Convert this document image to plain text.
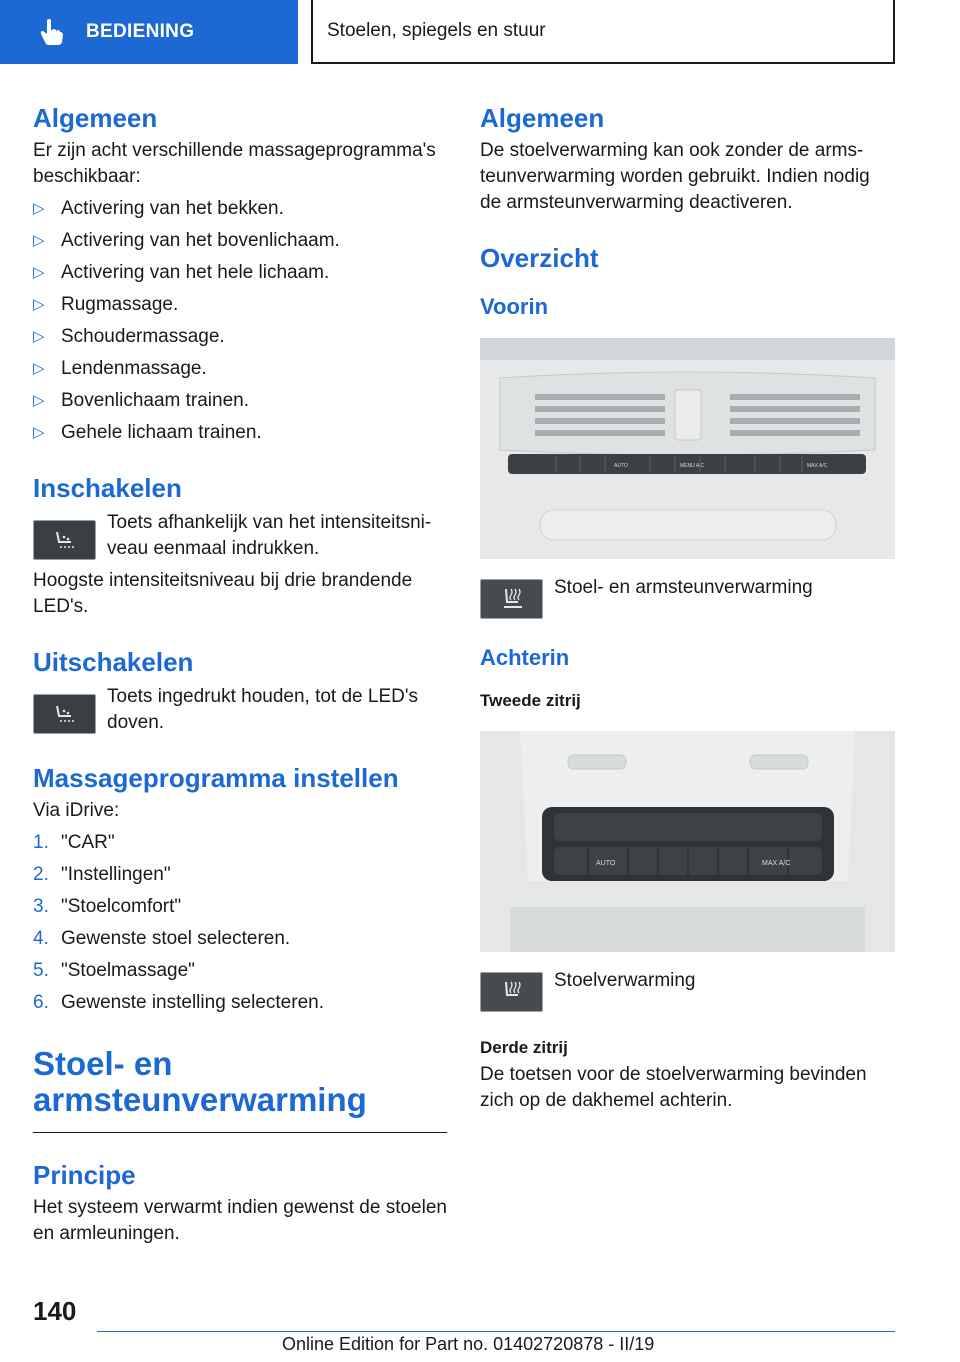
BEDIENING	Stoelen, spiegels en stuur
Algemeen

Er zijn acht verschillende massageprogramma's beschikbaar:

▷ Activering van het bekken.
▷ Activering van het bovenlichaam.
▷ Activering van het hele lichaam.
▷ Rugmassage.
▷ Schoudermassage.
▷ Lendenmassage.
▷ Bovenlichaam trainen.
▷ Gehele lichaam trainen.
Inschakelen
Toets afhankelijk van het intensiteitsniveau eenmaal indrukken.

Hoogste intensiteitsniveau bij drie brandende LED's.

Uitschakelen
Toets ingedrukt houden, tot de LED's doven.
Massageprogramma instellen

Via iDrive:

1. "CAR"
2. "Instellingen"
3. "Stoelcomfort"
4. Gewenste stoel selecteren.
5. "Stoelmassage"
6. Gewenste instelling selecteren.
Stoel- en
armsteunverwarming
Principe

Het systeem verwarmt indien gewenst de stoelen en armleuningen.

Algemeen

De stoelverwarming kan ook zonder de armsteunverwarming worden gebruikt. Indien nodig de armsteunverwarming deactiveren.

Overzicht
Voorin
AUTO	MENU A/C	MAX A/C
Stoel- en armsteunverwarming
Achterin
Tweede zitrij
AUTO	MAX A/C
Stoelverwarming
Derde zitrij

De toetsen voor de stoelverwarming bevinden zich op de dakhemel achterin.

140
Online Edition for Part no. 01402720878 - II/19
